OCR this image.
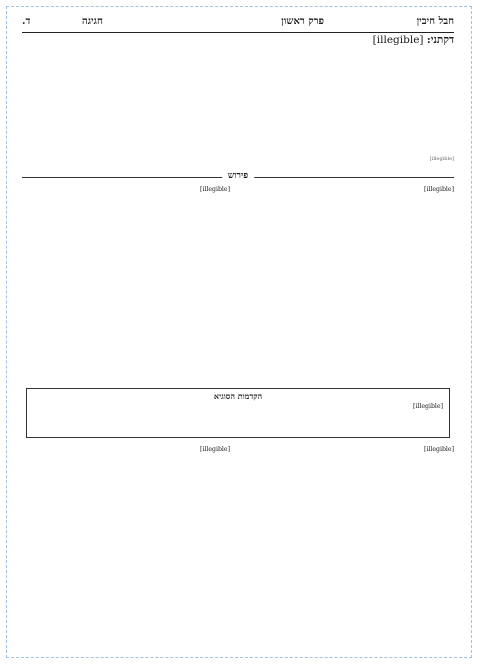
חבל חיבין
פרק ראשון
חגיגה
ד.
דקתני: [illegible]
[illegible]
פירוש
[illegible]
[illegible]
הקדמות הסוגיא
[illegible]
[illegible]
[illegible]
